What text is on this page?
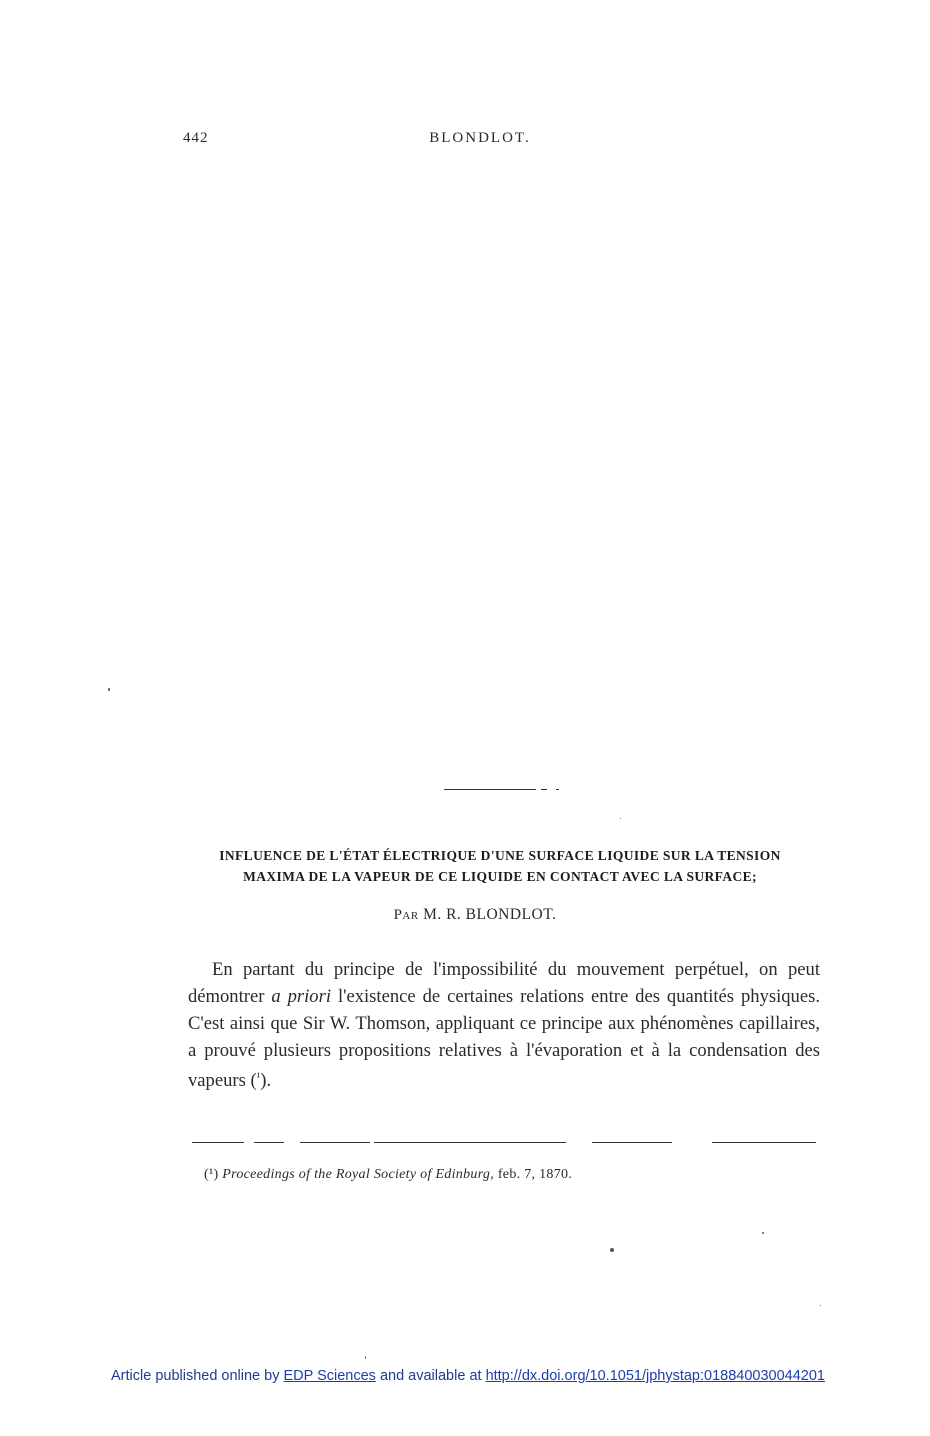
442	BLONDLOT.
INFLUENCE DE L'ÉTAT ÉLECTRIQUE D'UNE SURFACE LIQUIDE SUR LA TENSION
MAXIMA DE LA VAPEUR DE CE LIQUIDE EN CONTACT AVEC LA SURFACE;
Par M. R. BLONDLOT.

En partant du principe de l'impossibilité du mouvement perpétuel, on peut démontrer a priori l'existence de certaines relations entre des quantités physiques. C'est ainsi que Sir W. Thomson, appliquant ce principe aux phénomènes capillaires, a prouvé plusieurs propositions relatives à l'évaporation et à la condensation des vapeurs ($^{^1}$).

(¹) Proceedings of the Royal Society of Edinburg, feb. 7, 1870.
Article published online by EDP Sciences and available at http://dx.doi.org/10.1051/jphystap:018840030044201
